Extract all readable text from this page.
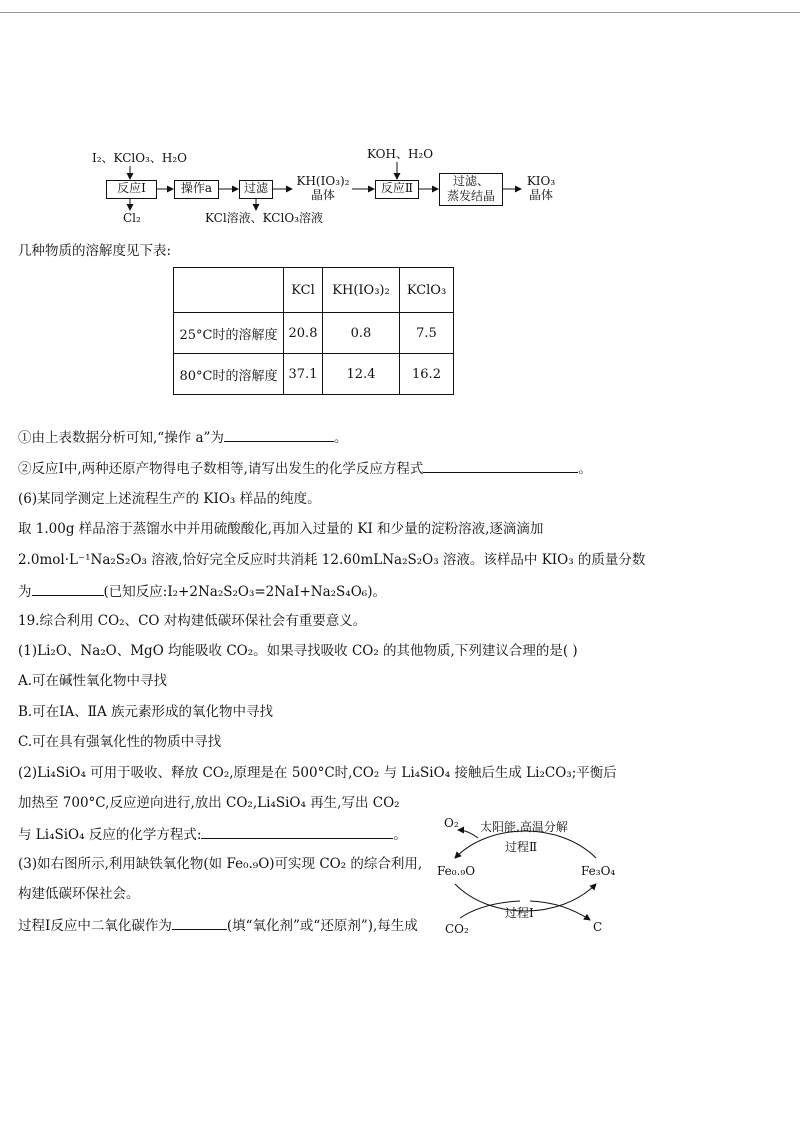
I₂、KClO₃、H₂O
反应Ⅰ	操作a	过滤	KH(IO₃)₂
晶体
KOH、H₂O
反应Ⅱ	过滤、
蒸发结晶
KIO₃
晶体
Cl₂	KCl溶液、KClO₃溶液
几种物质的溶解度见下表:
	KCl	KH(IO₃)₂	KClO₃
25°C时的溶解度	20.8	0.8	7.5
80°C时的溶解度	37.1	12.4	16.2
①由上表数据分析可知,“操作 a”为	。
②反应Ⅰ中,两种还原产物得电子数相等,请写出发生的化学反应方程式	。
(6)某同学测定上述流程生产的 KIO₃ 样品的纯度。
取 1.00g 样品溶于蒸馏水中并用硫酸酸化,再加入过量的 KI 和少量的淀粉溶液,逐滴滴加
2.0mol·L⁻¹Na₂S₂O₃ 溶液,恰好完全反应时共消耗 12.60mLNa₂S₂O₃ 溶液。该样品中 KIO₃ 的质量分数
为	(已知反应:I₂+2Na₂S₂O₃=2NaI+Na₂S₄O₆)。
19.综合利用 CO₂、CO 对构建低碳环保社会有重要意义。
(1)Li₂O、Na₂O、MgO 均能吸收 CO₂。如果寻找吸收 CO₂ 的其他物质,下列建议合理的是( )
A.可在碱性氧化物中寻找
B.可在ⅠA、ⅡA 族元素形成的氧化物中寻找
C.可在具有强氧化性的物质中寻找
(2)Li₄SiO₄ 可用于吸收、释放 CO₂,原理是在 500°C时,CO₂ 与 Li₄SiO₄ 接触后生成 Li₂CO₃;平衡后
加热至 700°C,反应逆向进行,放出 CO₂,Li₄SiO₄ 再生,写出 CO₂
与 Li₄SiO₄ 反应的化学方程式:	。
(3)如右图所示,利用缺铁氧化物(如 Fe₀.₉O)可实现 CO₂ 的综合利用,
构建低碳环保社会。
过程Ⅰ反应中二氧化碳作为	(填“氧化剂”或“还原剂”),每生成
O₂ 太阳能,高温分解
过程Ⅱ
Fe₀.₉O	Fe₃O₄
过程Ⅰ
CO₂	C
